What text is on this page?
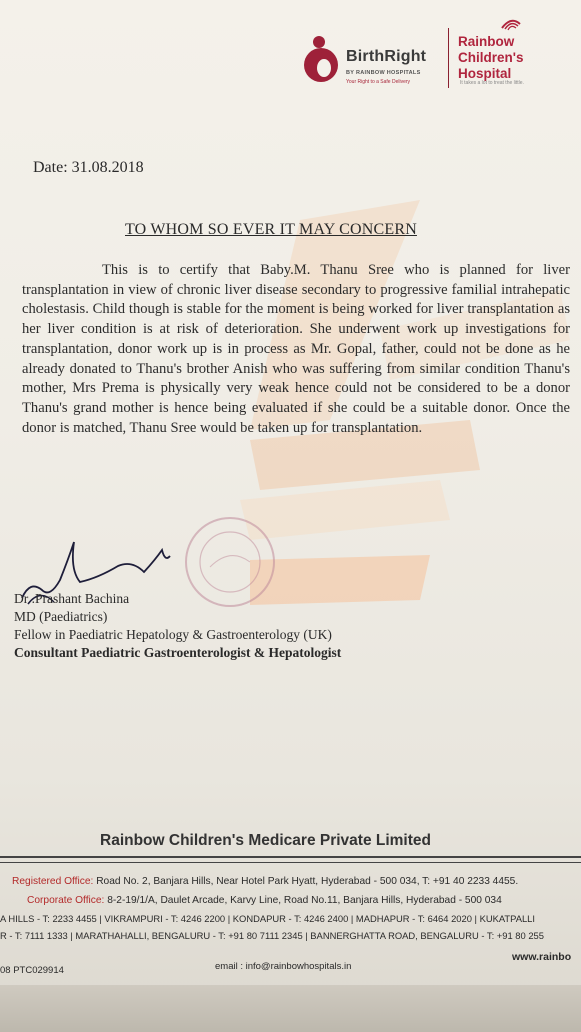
BirthRight
BY RAINBOW HOSPITALS
Your Right to a Safe Delivery
Rainbow
Children's
Hospital
It takes a lot to treat the little.
Date: 31.08.2018
TO WHOM SO EVER IT MAY CONCERN
This is to certify that Baby.M. Thanu Sree who is planned for liver transplantation in view of chronic liver disease secondary to progressive familial intrahepatic cholestasis. Child though is stable for the moment is being worked for liver transplantation as her liver condition is at risk of deterioration. She underwent work up investigations for transplantation, donor work up is in process as Mr. Gopal, father, could not be done as he already donated to Thanu's brother Anish who was suffering from similar condition Thanu's mother, Mrs Prema is physically very weak hence could not be considered to be a donor Thanu's grand mother is hence being evaluated if she could be a suitable donor. Once the donor is matched, Thanu Sree would be taken up for transplantation.
Dr .Prashant Bachina
MD (Paediatrics)
Fellow in Paediatric Hepatology & Gastroenterology (UK)
Consultant Paediatric Gastroenterologist & Hepatologist
Rainbow Children's Medicare Private Limited
Registered Office: Road No. 2, Banjara Hills, Near Hotel Park Hyatt, Hyderabad - 500 034, T: +91 40 2233 4455.
Corporate Office: 8-2-19/1/A, Daulet Arcade, Karvy Line, Road No.11, Banjara Hills, Hyderabad - 500 034
A HILLS - T: 2233 4455 | VIKRAMPURI - T: 4246 2200 | KONDAPUR - T: 4246 2400 | MADHAPUR - T: 6464 2020 | KUKATPALLI
R - T: 7111 1333 | MARATHAHALLI, BENGALURU - T: +91 80 7111 2345 | BANNERGHATTA ROAD, BENGALURU - T: +91 80 255
08 PTC029914	email : info@rainbowhospitals.in
www.rainbo
